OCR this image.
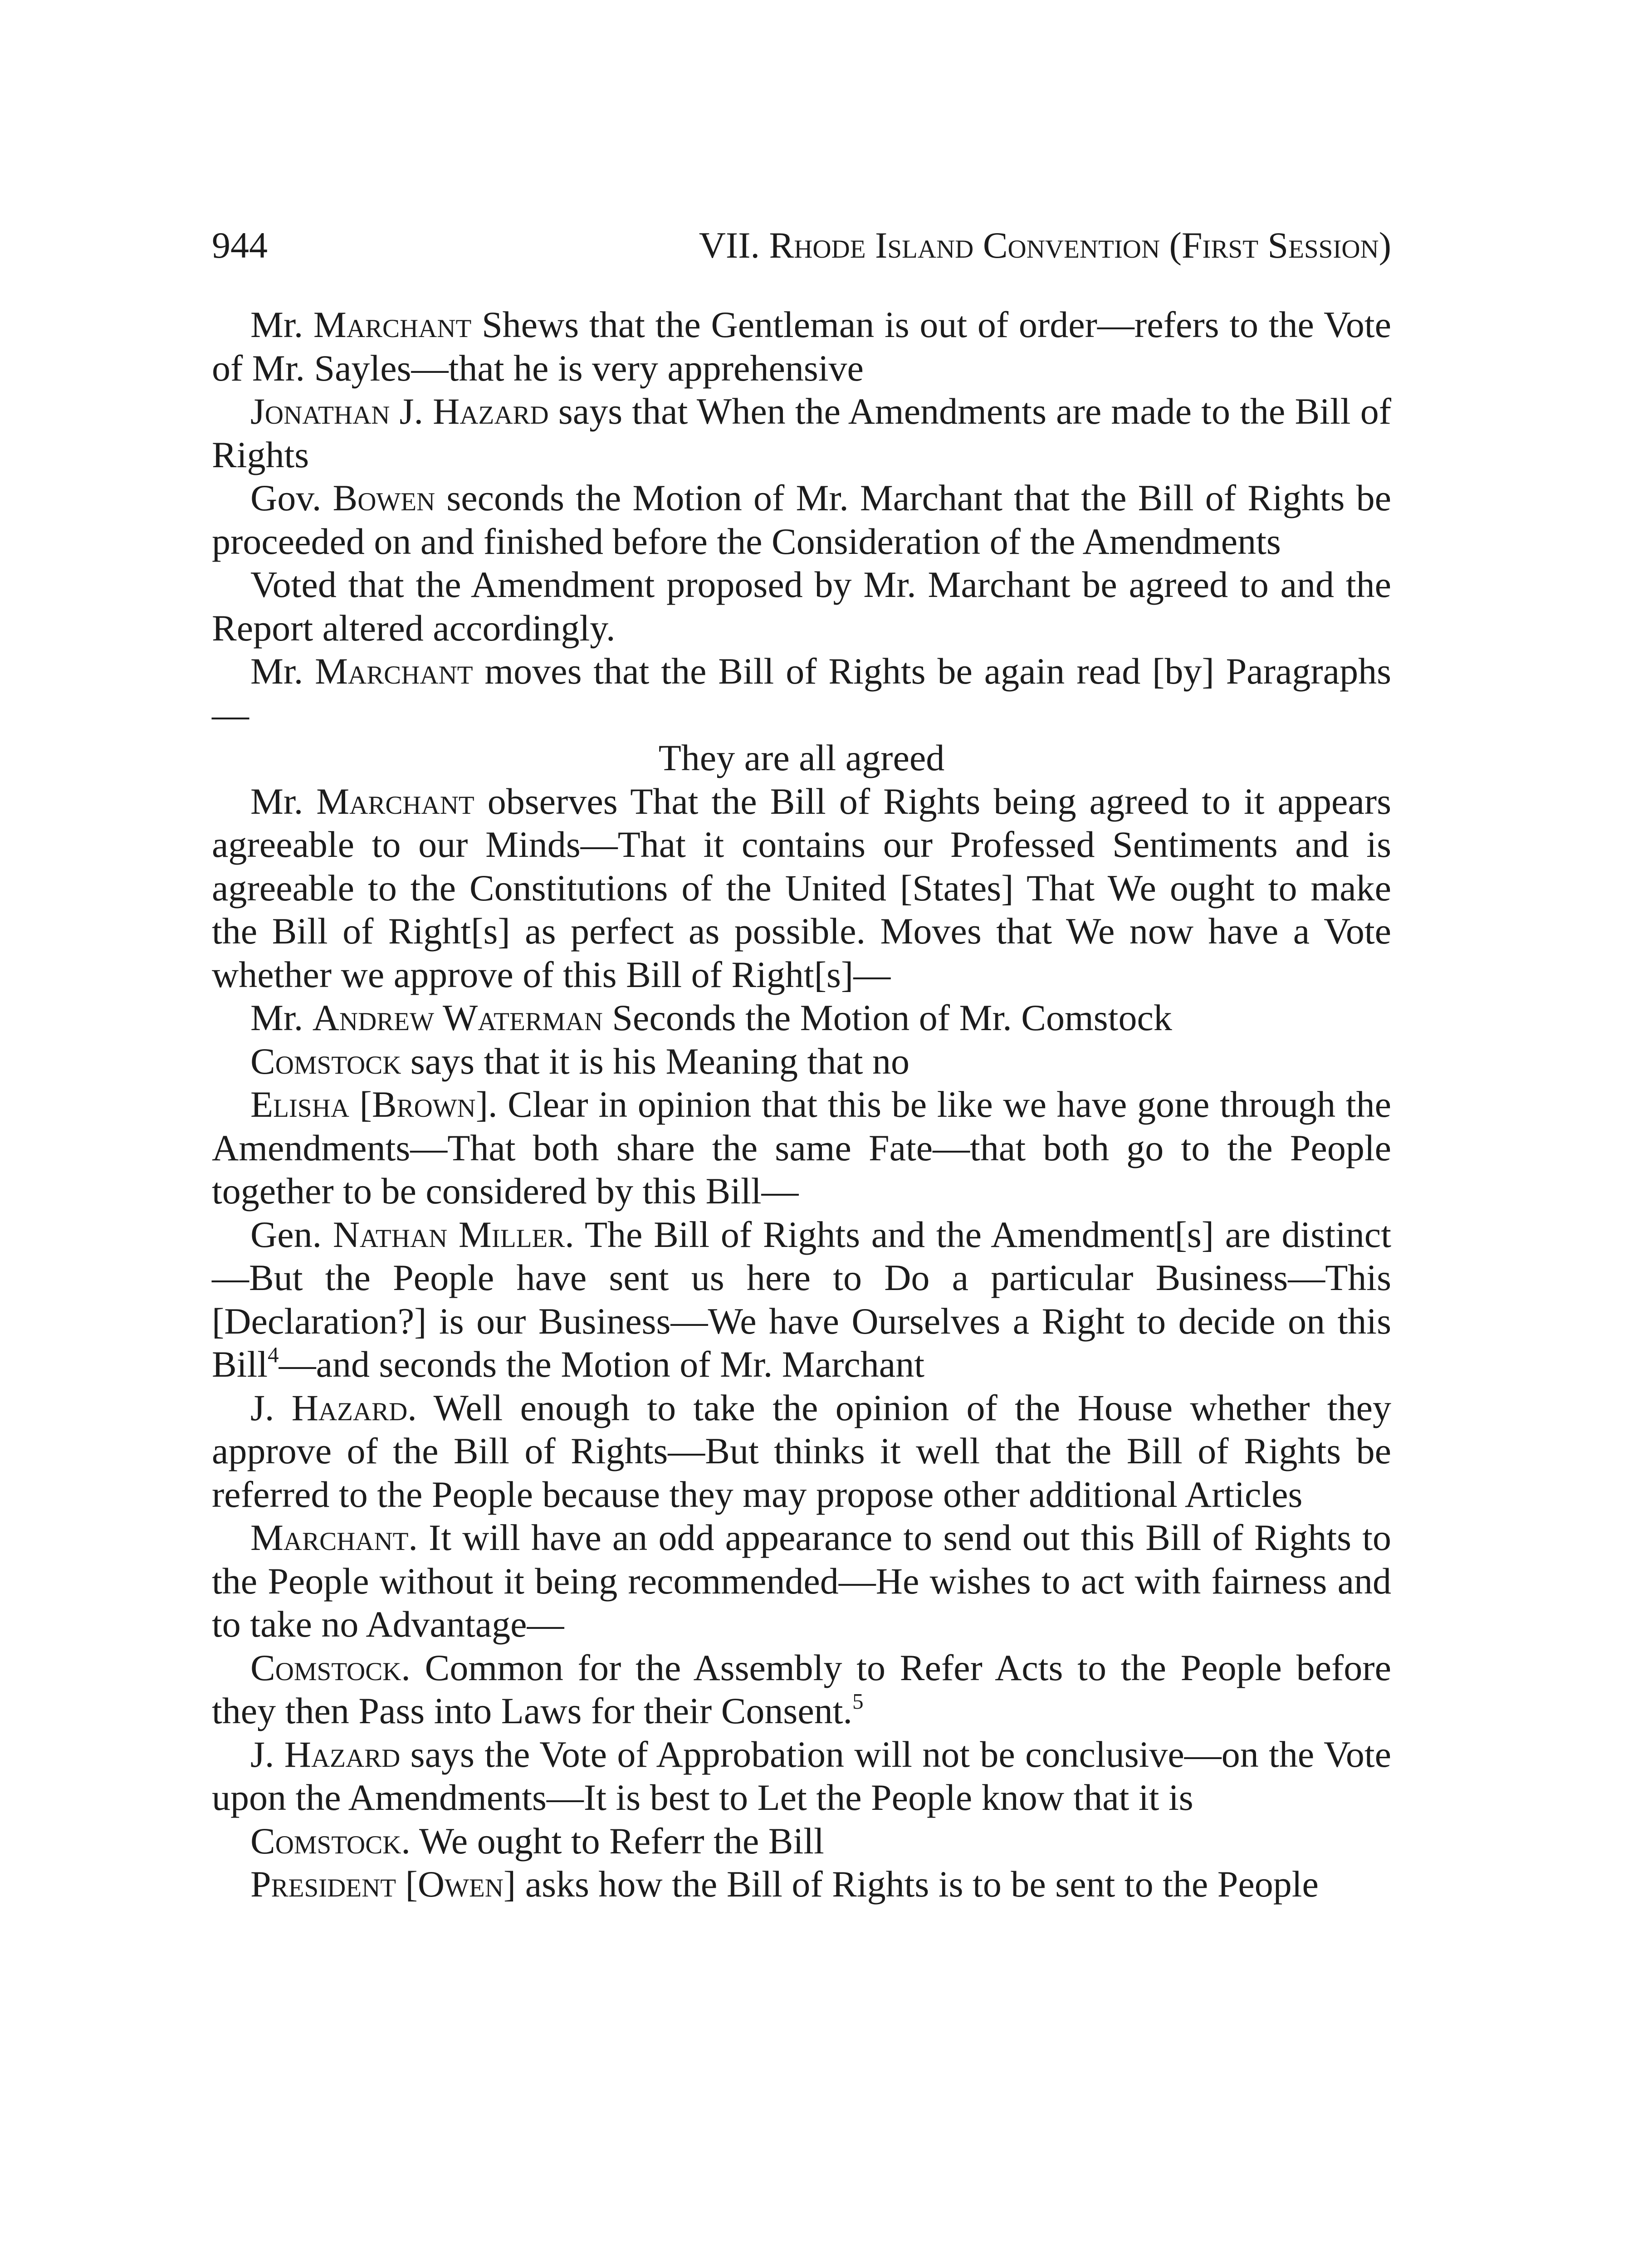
944	VII. Rhode Island Convention (First Session)

Mr. Marchant Shews that the Gentleman is out of order—refers to the Vote of Mr. Sayles—that he is very apprehensive

Jonathan J. Hazard says that When the Amendments are made to the Bill of Rights

Gov. Bowen seconds the Motion of Mr. Marchant that the Bill of Rights be proceeded on and finished before the Consideration of the Amendments

Voted that the Amendment proposed by Mr. Marchant be agreed to and the Report altered accordingly.

Mr. Marchant moves that the Bill of Rights be again read [by] Paragraphs—

They are all agreed

Mr. Marchant observes That the Bill of Rights being agreed to it appears agreeable to our Minds—That it contains our Professed Sentiments and is agreeable to the Constitutions of the United [States] That We ought to make the Bill of Right[s] as perfect as possible. Moves that We now have a Vote whether we approve of this Bill of Right[s]—

Mr. Andrew Waterman Seconds the Motion of Mr. Comstock

Comstock says that it is his Meaning that no

Elisha [Brown]. Clear in opinion that this be like we have gone through the Amendments—That both share the same Fate—that both go to the People together to be considered by this Bill—

Gen. Nathan Miller. The Bill of Rights and the Amendment[s] are distinct—But the People have sent us here to Do a particular Business—This [Declaration?] is our Business—We have Ourselves a Right to decide on this Bill$^4$—and seconds the Motion of Mr. Marchant

J. Hazard. Well enough to take the opinion of the House whether they approve of the Bill of Rights—But thinks it well that the Bill of Rights be referred to the People because they may propose other additional Articles

Marchant. It will have an odd appearance to send out this Bill of Rights to the People without it being recommended—He wishes to act with fairness and to take no Advantage—

Comstock. Common for the Assembly to Refer Acts to the People before they then Pass into Laws for their Consent.$^5$

J. Hazard says the Vote of Approbation will not be conclusive—on the Vote upon the Amendments—It is best to Let the People know that it is

Comstock. We ought to Referr the Bill

President [Owen] asks how the Bill of Rights is to be sent to the People
